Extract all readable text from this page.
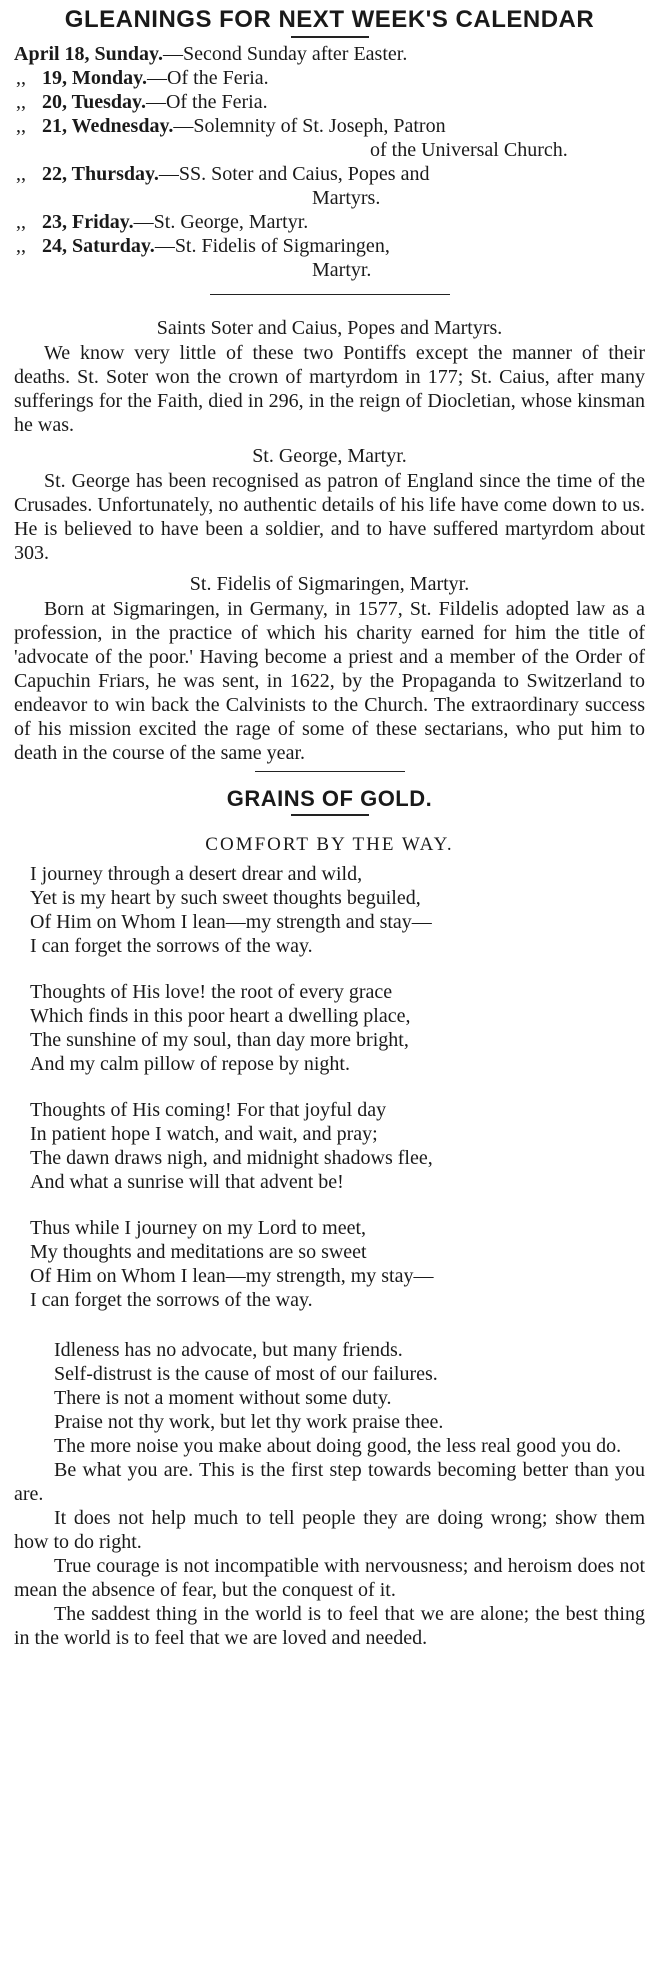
GLEANINGS FOR NEXT WEEK'S CALENDAR
April 18, Sunday. —Second Sunday after Easter.
,, 19, Monday. —Of the Feria.
,, 20, Tuesday. —Of the Feria.
,, 21, Wednesday. —Solemnity of St. Joseph, Patron
of the Universal Church.
,, 22, Thursday. —SS. Soter and Caius, Popes and
Martyrs.
,, 23, Friday. —St. George, Martyr.
,, 24, Saturday. —St. Fidelis of Sigmaringen,
Martyr.
Saints Soter and Caius, Popes and Martyrs.
We know very little of these two Pontiffs except the manner of their deaths. St. Soter won the crown of martyrdom in 177; St. Caius, after many sufferings for the Faith, died in 296, in the reign of Diocletian, whose kinsman he was.
St. George, Martyr.
St. George has been recognised as patron of England since the time of the Crusades. Unfortunately, no authentic details of his life have come down to us. He is believed to have been a soldier, and to have suffered martyrdom about 303.
St. Fidelis of Sigmaringen, Martyr.
Born at Sigmaringen, in Germany, in 1577, St. Fildelis adopted law as a profession, in the practice of which his charity earned for him the title of 'advocate of the poor.' Having become a priest and a member of the Order of Capuchin Friars, he was sent, in 1622, by the Propaganda to Switzerland to endeavor to win back the Calvinists to the Church. The extraordinary success of his mission excited the rage of some of these sectarians, who put him to death in the course of the same year.
GRAINS OF GOLD.
COMFORT BY THE WAY.
I journey through a desert drear and wild,
Yet is my heart by such sweet thoughts beguiled,
Of Him on Whom I lean—my strength and stay—
I can forget the sorrows of the way.
Thoughts of His love! the root of every grace
Which finds in this poor heart a dwelling place,
The sunshine of my soul, than day more bright,
And my calm pillow of repose by night.
Thoughts of His coming! For that joyful day
In patient hope I watch, and wait, and pray;
The dawn draws nigh, and midnight shadows flee,
And what a sunrise will that advent be!
Thus while I journey on my Lord to meet,
My thoughts and meditations are so sweet
Of Him on Whom I lean—my strength, my stay—
I can forget the sorrows of the way.
Idleness has no advocate, but many friends.
Self-distrust is the cause of most of our failures.
There is not a moment without some duty.
Praise not thy work, but let thy work praise thee.
The more noise you make about doing good, the less real good you do.
Be what you are. This is the first step towards becoming better than you are.
It does not help much to tell people they are doing wrong; show them how to do right.
True courage is not incompatible with nervousness; and heroism does not mean the absence of fear, but the conquest of it.
The saddest thing in the world is to feel that we are alone; the best thing in the world is to feel that we are loved and needed.
